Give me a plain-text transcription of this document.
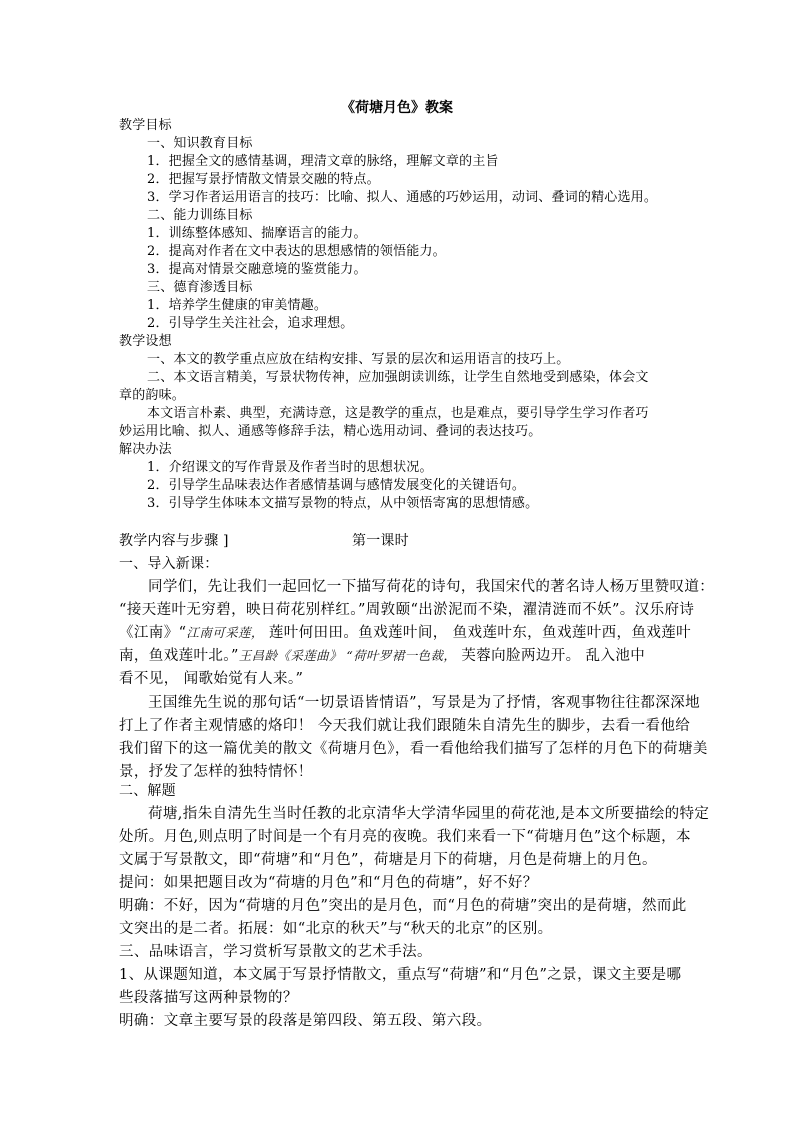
《荷塘月色》教案
教学目标
一、知识教育目标
1．把握全文的感情基调，理清文章的脉络，理解文章的主旨
2．把握写景抒情散文情景交融的特点。
3．学习作者运用语言的技巧：比喻、拟人、通感的巧妙运用，动词、叠词的精心选用。
二、能力训练目标
1．训练整体感知、揣摩语言的能力。
2．提高对作者在文中表达的思想感情的领悟能力。
3．提高对情景交融意境的鉴赏能力。
三、德育渗透目标
1．培养学生健康的审美情趣。
2．引导学生关注社会，追求理想。
教学设想
一、本文的教学重点应放在结构安排、写景的层次和运用语言的技巧上。
二、本文语言精美，写景状物传神，应加强朗读训练，让学生自然地受到感染，体会文
章的韵味。
本文语言朴素、典型，充满诗意，这是教学的重点，也是难点，要引导学生学习作者巧
妙运用比喻、拟人、通感等修辞手法，精心选用动词、叠词的表达技巧。
解决办法
1．介绍课文的写作背景及作者当时的思想状况。
2．引导学生品味表达作者感情基调与感情发展变化的关键语句。
3．引导学生体味本文描写景物的特点，从中领悟寄寓的思想情感。
教学内容与步骤 ]	第一课时
一、导入新课：
同学们，先让我们一起回忆一下描写荷花的诗句，我国宋代的著名诗人杨万里赞叹道：
“接天莲叶无穷碧，映日荷花别样红。”周敦颐“出淤泥而不染，濯清涟而不妖”。汉乐府诗
《江南》“江南可采莲， 莲叶何田田。鱼戏莲叶间， 鱼戏莲叶东，鱼戏莲叶西，鱼戏莲叶
南，鱼戏莲叶北。”王昌龄《采莲曲》 “荷叶罗裙一色裁， 芙蓉向脸两边开。 乱入池中
看不见， 闻歌始觉有人来。”
王国维先生说的那句话“一切景语皆情语”，写景是为了抒情，客观事物往往都深深地
打上了作者主观情感的烙印！ 今天我们就让我们跟随朱自清先生的脚步，去看一看他给
我们留下的这一篇优美的散文《荷塘月色》，看一看他给我们描写了怎样的月色下的荷塘美
景，抒发了怎样的独特情怀！
二、解题
荷塘,指朱自清先生当时任教的北京清华大学清华园里的荷花池,是本文所要描绘的特定
处所。月色,则点明了时间是一个有月亮的夜晚。我们来看一下“荷塘月色”这个标题，本
文属于写景散文，即“荷塘”和“月色”，荷塘是月下的荷塘，月色是荷塘上的月色。
提问：如果把题目改为“荷塘的月色”和“月色的荷塘”，好不好？
明确：不好，因为“荷塘的月色”突出的是月色，而“月色的荷塘”突出的是荷塘，然而此
文突出的是二者。拓展：如“北京的秋天”与“秋天的北京”的区别。
三、品味语言，学习赏析写景散文的艺术手法。
1、从课题知道，本文属于写景抒情散文，重点写“荷塘”和“月色”之景，课文主要是哪
些段落描写这两种景物的？
明确：文章主要写景的段落是第四段、第五段、第六段。
